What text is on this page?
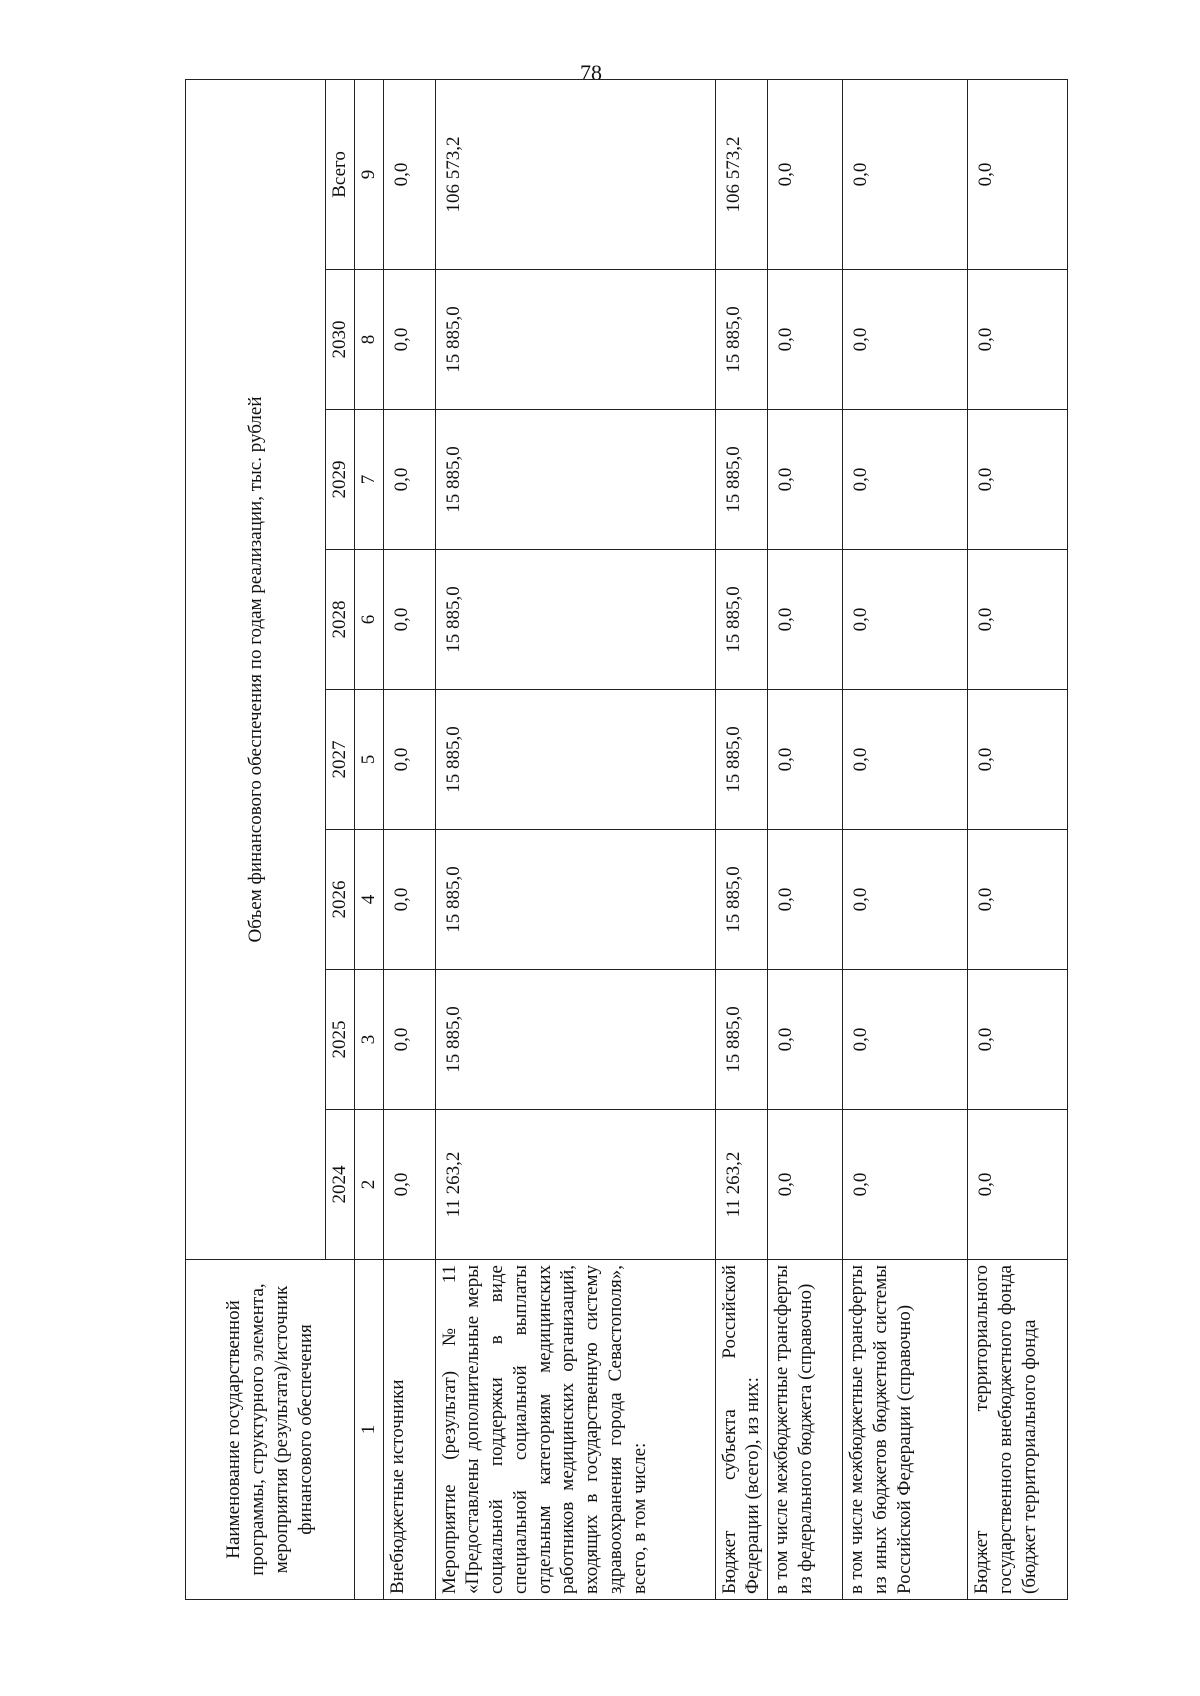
78
Наименование государственной программы, структурного элемента, мероприятия (результата)/источник финансового обеспечения	Объем финансового обеспечения по годам реализации, тыс. рублей							
	2024	2025	2026	2027	2028	2029	2030	Всего
1	2	3	4	5	6	7	8	9
Внебюджетные источники	0,0	0,0	0,0	0,0	0,0	0,0	0,0	0,0
Мероприятие (результат) № 11 «Предоставлены дополнительные меры социальной поддержки в виде специальной социальной выплаты отдельным категориям медицинских работников медицинских организаций, входящих в государственную систему здравоохранения города Севастополя», всего, в том числе:	11 263,2	15 885,0	15 885,0	15 885,0	15 885,0	15 885,0	15 885,0	106 573,2
Бюджет субъекта Российской Федерации (всего), из них:	11 263,2	15 885,0	15 885,0	15 885,0	15 885,0	15 885,0	15 885,0	106 573,2
в том числе межбюджетные трансферты из федерального бюджета (справочно)	0,0	0,0	0,0	0,0	0,0	0,0	0,0	0,0
в том числе межбюджетные трансферты из иных бюджетов бюджетной системы Российской Федерации (справочно)	0,0	0,0	0,0	0,0	0,0	0,0	0,0	0,0
Бюджет территориального государственного внебюджетного фонда (бюджет территориального фонда	0,0	0,0	0,0	0,0	0,0	0,0	0,0	0,0
